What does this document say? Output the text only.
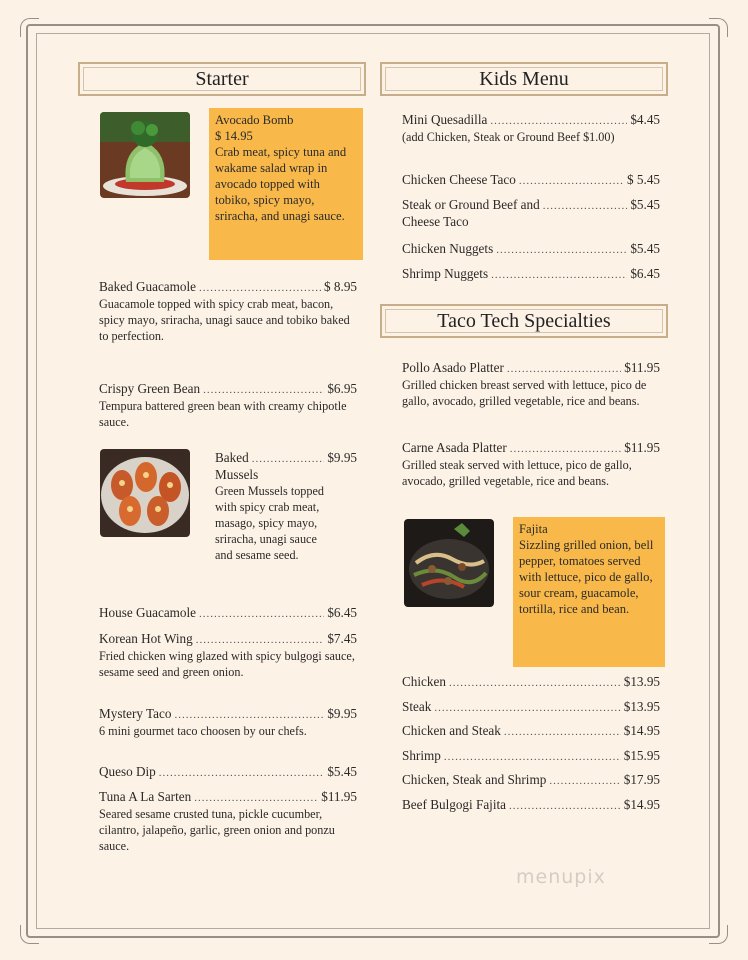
Starter
Avocado Bomb
$ 14.95
Crab meat, spicy tuna and wakame salad wrap in avocado topped with tobiko, spicy mayo, sriracha, and unagi sauce.
Baked Guacamole .....	$ 8.95
Guacamole topped with spicy crab meat, bacon, spicy mayo, sriracha, unagi sauce and tobiko baked to perfection.
Crispy Green Bean .....	$6.95
Tempura battered green bean with creamy chipotle sauce.
Baked .....	$9.95
Mussels
Green Mussels topped with spicy crab meat, masago, spicy mayo, sriracha, unagi sauce and sesame seed.
House Guacamole .....	$6.45
Korean Hot Wing .....	$7.45
Fried chicken wing glazed with spicy bulgogi sauce, sesame seed and green onion.
Mystery Taco .....	$9.95
6 mini gourmet taco choosen by our chefs.
Queso Dip .....	$5.45
Tuna A La Sarten .....	$11.95
Seared sesame crusted tuna, pickle cucumber, cilantro, jalapeño, garlic, green onion and ponzu sauce.
Kids Menu
Mini Quesadilla .....	$4.45
(add Chicken, Steak or Ground Beef $1.00)
Chicken Cheese Taco .....	$ 5.45
Steak or Ground Beef and .....	$5.45
Cheese Taco
Chicken Nuggets .....	$5.45
Shrimp Nuggets .....	$6.45
Taco Tech Specialties
Pollo Asado Platter .....	$11.95
Grilled chicken breast served with lettuce, pico de gallo, avocado, grilled vegetable, rice and beans.
Carne Asada Platter .....	$11.95
Grilled steak served with lettuce, pico de gallo, avocado, grilled vegetable, rice and beans.
Fajita
Sizzling grilled onion, bell pepper, tomatoes served with lettuce, pico de gallo, sour cream, guacamole, tortilla, rice and bean.
Chicken .....	$13.95
Steak .....	$13.95
Chicken and Steak .....	$14.95
Shrimp .....	$15.95
Chicken, Steak and Shrimp .....	$17.95
Beef Bulgogi Fajita .....	$14.95
menupix
